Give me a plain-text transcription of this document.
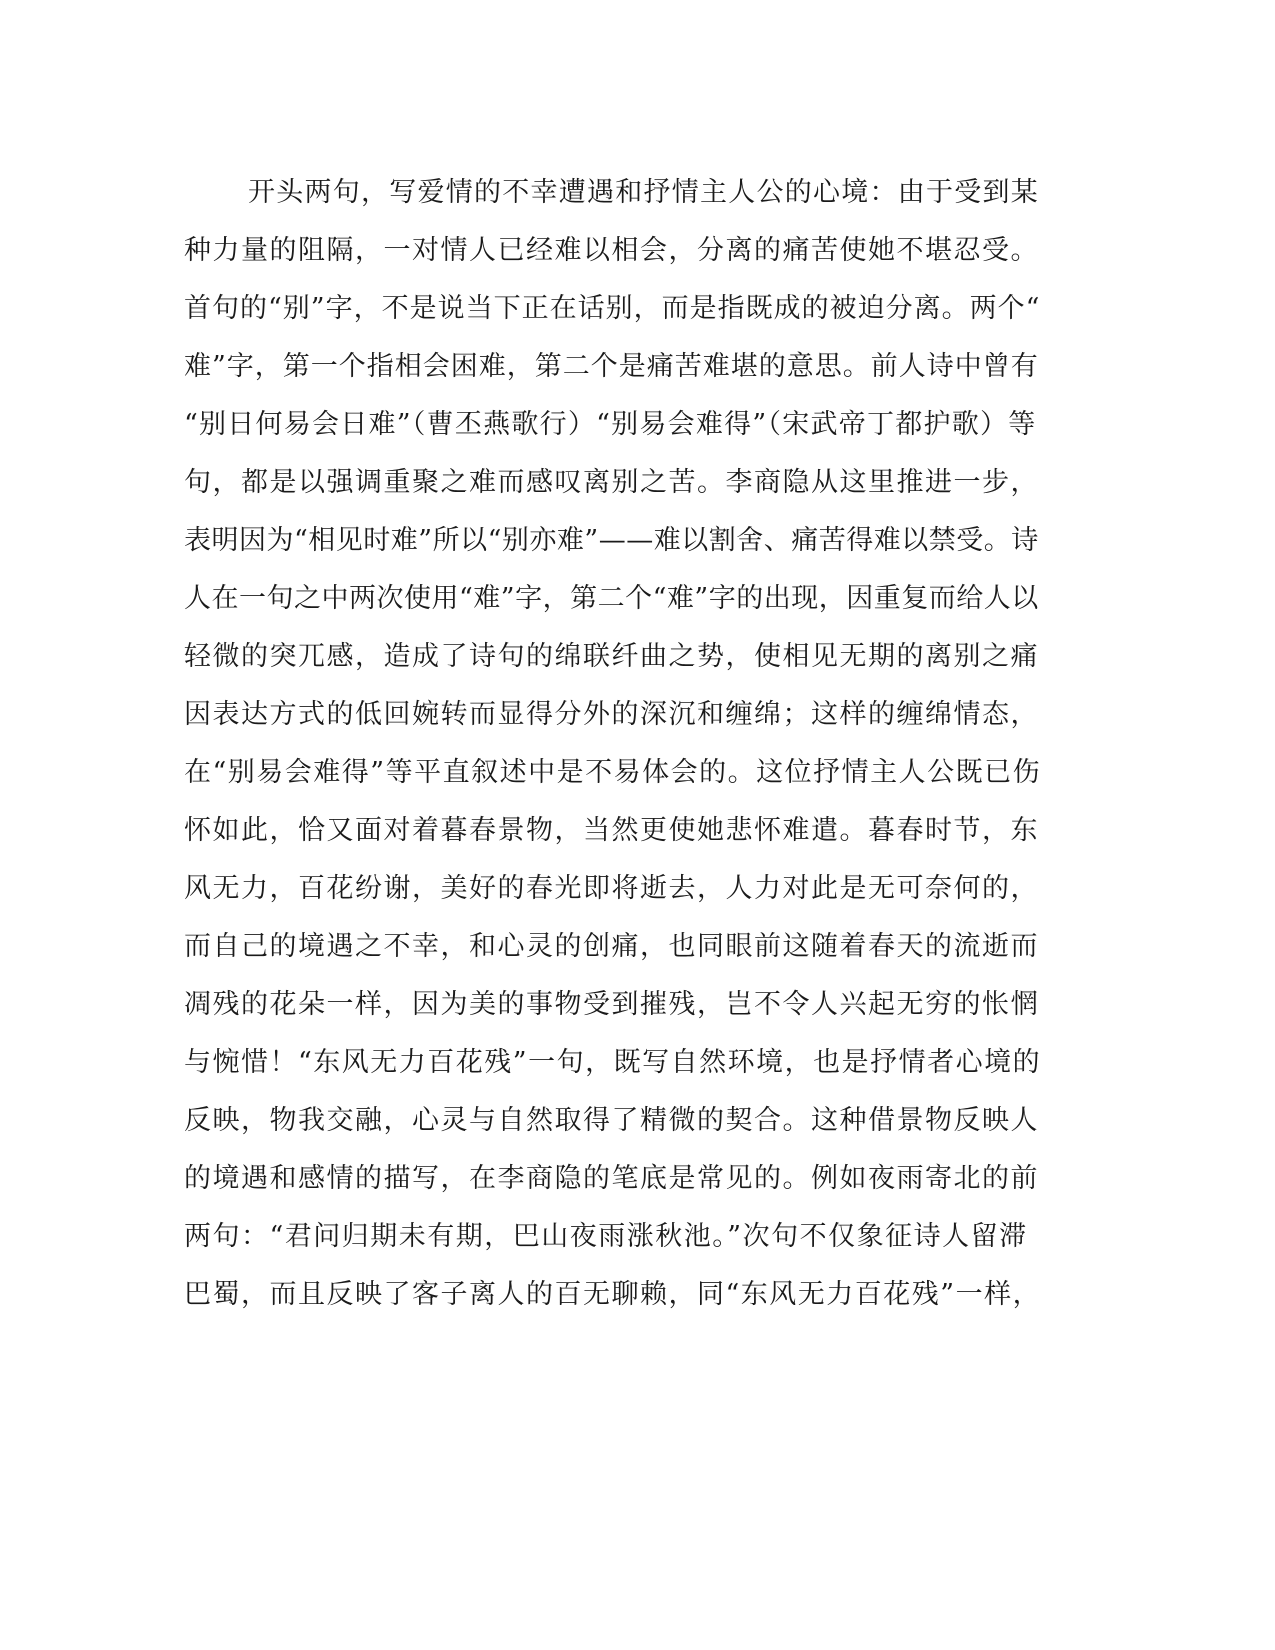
开头两句，写爱情的不幸遭遇和抒情主人公的心境：由于受到某
种力量的阻隔，一对情人已经难以相会，分离的痛苦使她不堪忍受。
首句的“别”字，不是说当下正在话别，而是指既成的被迫分离。两个“
难”字，第一个指相会困难，第二个是痛苦难堪的意思。前人诗中曾有
“别日何易会日难”（曹丕燕歌行）“别易会难得”（宋武帝丁都护歌）等
句，都是以强调重聚之难而感叹离别之苦。李商隐从这里推进一步，
表明因为“相见时难”所以“别亦难”——难以割舍、痛苦得难以禁受。诗
人在一句之中两次使用“难”字，第二个“难”字的出现，因重复而给人以
轻微的突兀感，造成了诗句的绵联纤曲之势，使相见无期的离别之痛
因表达方式的低回婉转而显得分外的深沉和缠绵；这样的缠绵情态，
在“别易会难得”等平直叙述中是不易体会的。这位抒情主人公既已伤
怀如此，恰又面对着暮春景物，当然更使她悲怀难遣。暮春时节，东
风无力，百花纷谢，美好的春光即将逝去，人力对此是无可奈何的，
而自己的境遇之不幸，和心灵的创痛，也同眼前这随着春天的流逝而
凋残的花朵一样，因为美的事物受到摧残，岂不令人兴起无穷的怅惘
与惋惜！“东风无力百花残”一句，既写自然环境，也是抒情者心境的
反映，物我交融，心灵与自然取得了精微的契合。这种借景物反映人
的境遇和感情的描写，在李商隐的笔底是常见的。例如夜雨寄北的前
两句：“君问归期未有期，巴山夜雨涨秋池。”次句不仅象征诗人留滞
巴蜀，而且反映了客子离人的百无聊赖，同“东风无力百花残”一样，
